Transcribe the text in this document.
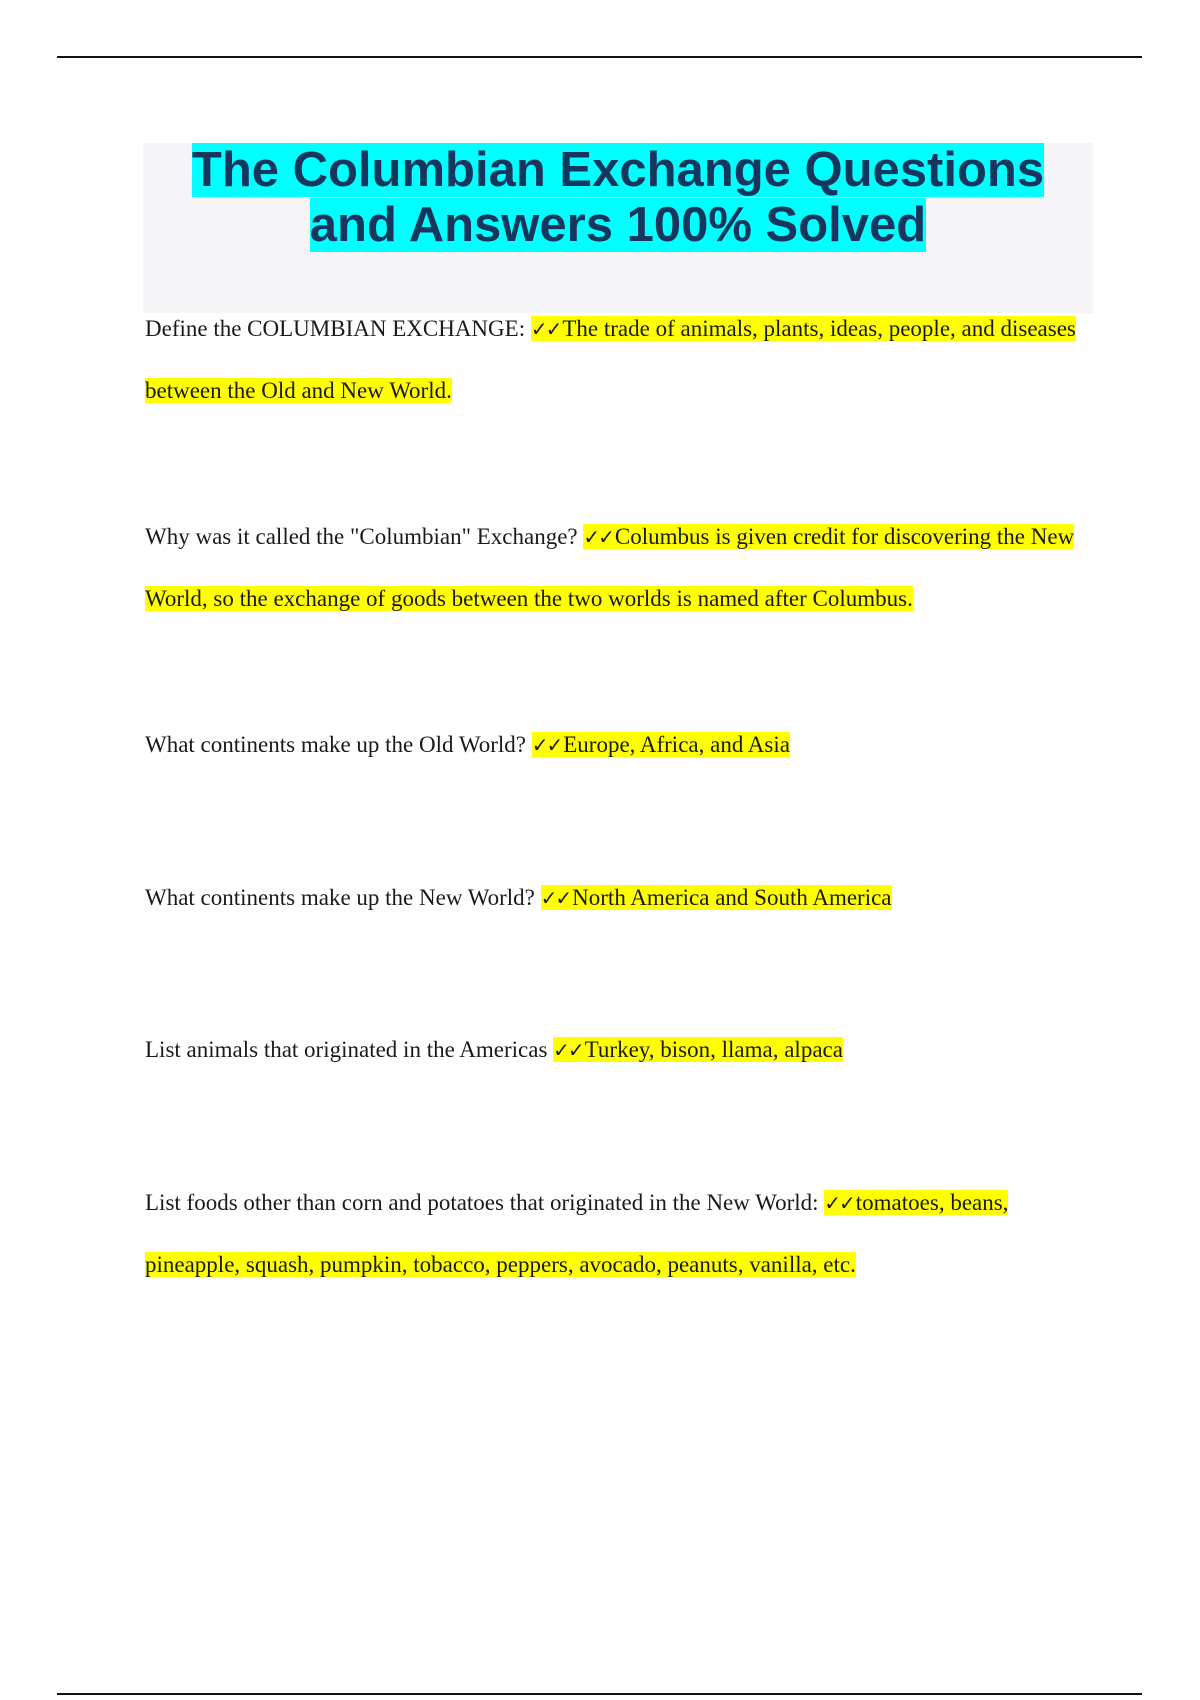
The Columbian Exchange Questions and Answers 100% Solved

Define the COLUMBIAN EXCHANGE: ✓✓The trade of animals, plants, ideas, people, and diseases between the Old and New World.

Why was it called the "Columbian" Exchange? ✓✓Columbus is given credit for discovering the New World, so the exchange of goods between the two worlds is named after Columbus.

What continents make up the Old World? ✓✓Europe, Africa, and Asia

What continents make up the New World? ✓✓North America and South America

List animals that originated in the Americas ✓✓Turkey, bison, llama, alpaca

List foods other than corn and potatoes that originated in the New World: ✓✓tomatoes, beans, pineapple, squash, pumpkin, tobacco, peppers, avocado, peanuts, vanilla, etc.
